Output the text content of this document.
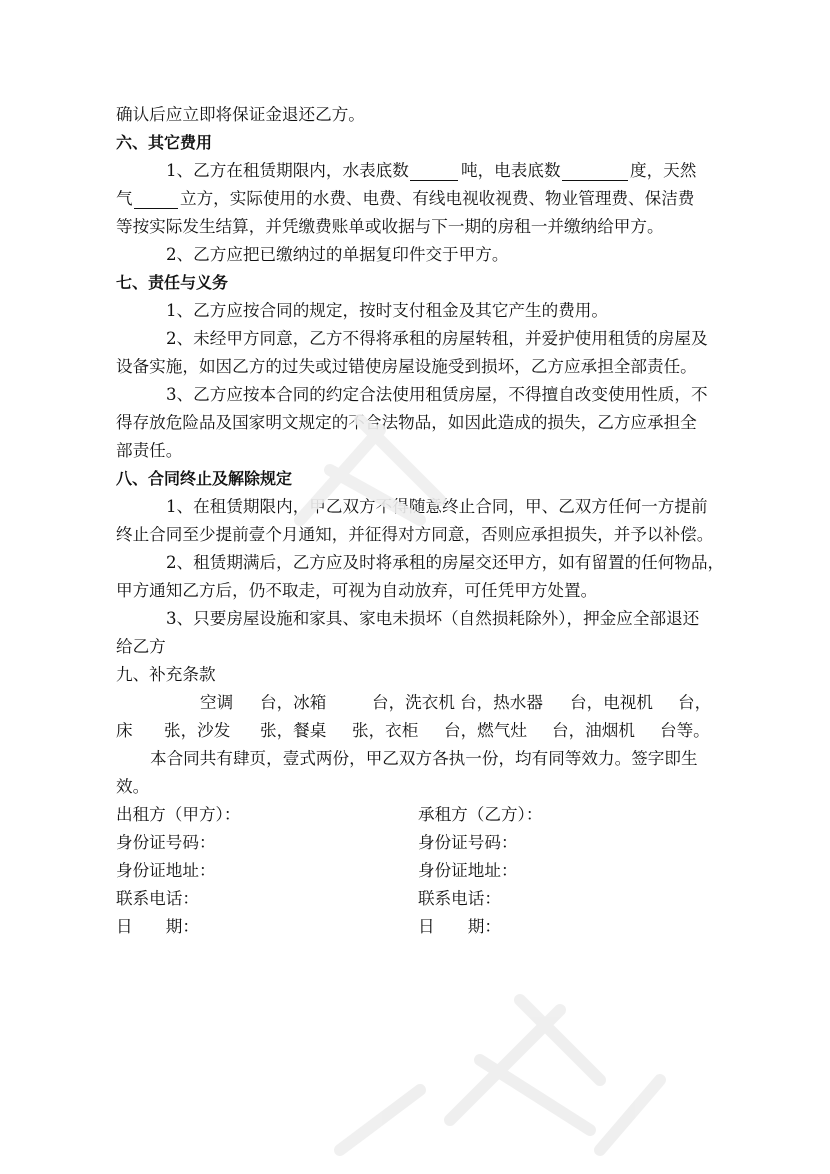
确认后应立即将保证金退还乙方。
六、其它费用
1、乙方在租赁期限内，水表底数	吨，电表底数	度，天然
气	立方，实际使用的水费、电费、有线电视收视费、物业管理费、保洁费
等按实际发生结算，并凭缴费账单或收据与下一期的房租一并缴纳给甲方。
2、乙方应把已缴纳过的单据复印件交于甲方。
七、责任与义务
1、乙方应按合同的规定，按时支付租金及其它产生的费用。
2、未经甲方同意，乙方不得将承租的房屋转租，并爱护使用租赁的房屋及
设备实施，如因乙方的过失或过错使房屋设施受到损坏，乙方应承担全部责任。
3、乙方应按本合同的约定合法使用租赁房屋，不得擅自改变使用性质，不
得存放危险品及国家明文规定的不合法物品，如因此造成的损失，乙方应承担全
部责任。
八、合同终止及解除规定
1、在租赁期限内，甲乙双方不得随意终止合同，甲、乙双方任何一方提前
终止合同至少提前壹个月通知，并征得对方同意，否则应承担损失，并予以补偿。
2、租赁期满后，乙方应及时将承租的房屋交还甲方，如有留置的任何物品，
甲方通知乙方后，仍不取走，可视为自动放弃，可任凭甲方处置。
3、只要房屋设施和家具、家电未损坏（自然损耗除外），押金应全部退还
给乙方
九、补充条款
空调 台，冰箱	台，洗衣机 台，热水器 台，电视机 台，
床 张，沙发 张，餐桌 张，衣柜 台，燃气灶 台，油烟机 台等。
本合同共有肆页，壹式两份，甲乙双方各执一份，均有同等效力。签字即生
效。
出租方（甲方）：	承租方（乙方）：
身份证号码：	身份证号码：
身份证地址：	身份证地址：
联系电话：	联系电话：
日　　期：	日　　期：
